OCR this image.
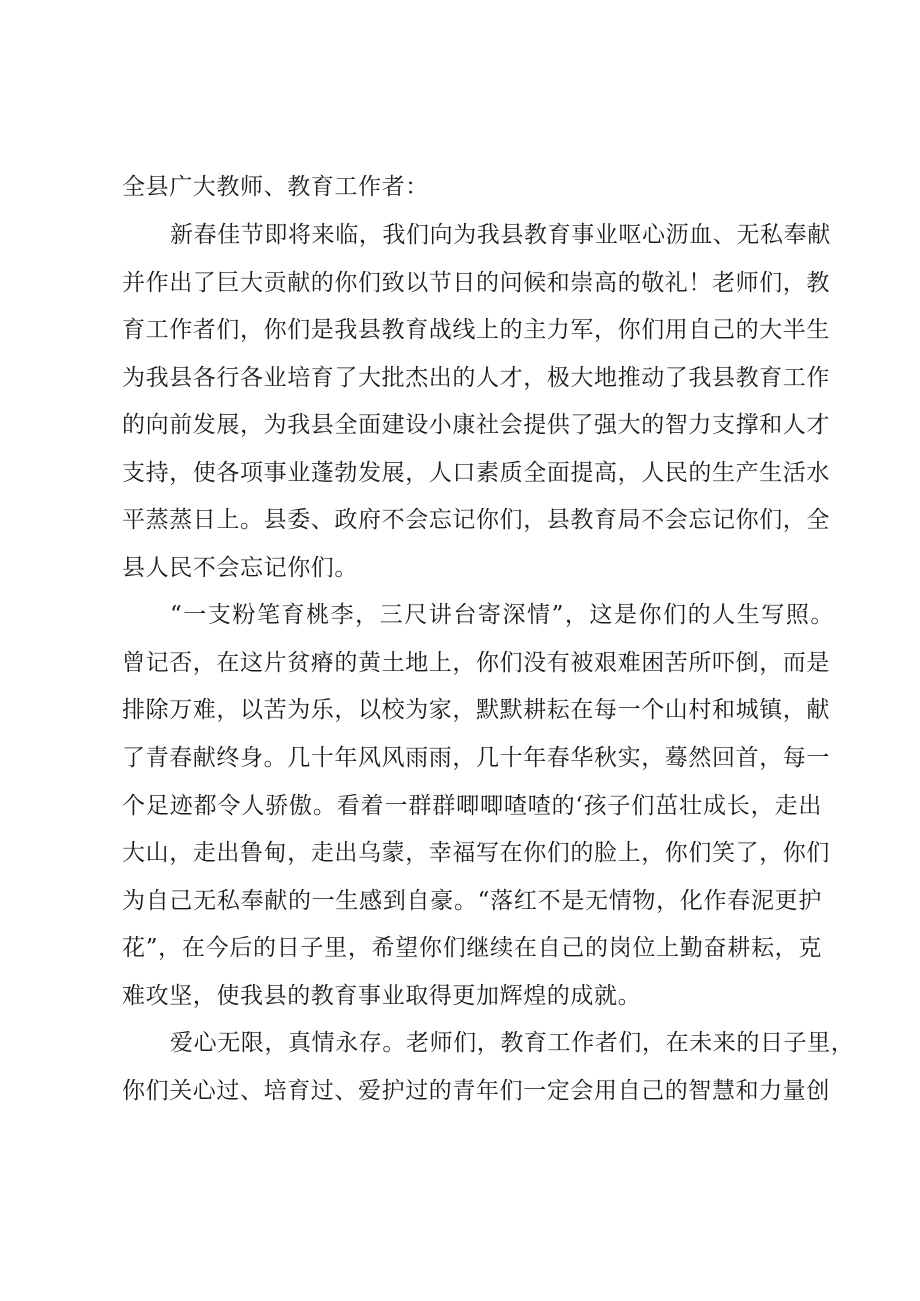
全县广大教师、教育工作者：
新春佳节即将来临，我们向为我县教育事业呕心沥血、无私奉献
并作出了巨大贡献的你们致以节日的问候和崇高的敬礼！老师们，教
育工作者们，你们是我县教育战线上的主力军，你们用自己的大半生
为我县各行各业培育了大批杰出的人才，极大地推动了我县教育工作
的向前发展，为我县全面建设小康社会提供了强大的智力支撑和人才
支持，使各项事业蓬勃发展，人口素质全面提高，人民的生产生活水
平蒸蒸日上。县委、政府不会忘记你们，县教育局不会忘记你们，全
县人民不会忘记你们。
“一支粉笔育桃李，三尺讲台寄深情”，这是你们的人生写照。
曾记否，在这片贫瘠的黄土地上，你们没有被艰难困苦所吓倒，而是
排除万难，以苦为乐，以校为家，默默耕耘在每一个山村和城镇，献
了青春献终身。几十年风风雨雨，几十年春华秋实，蓦然回首，每一
个足迹都令人骄傲。看着一群群唧唧喳喳的‘孩子们茁壮成长，走出
大山，走出鲁甸，走出乌蒙，幸福写在你们的脸上，你们笑了，你们
为自己无私奉献的一生感到自豪。“落红不是无情物，化作春泥更护
花”，在今后的日子里，希望你们继续在自己的岗位上勤奋耕耘，克
难攻坚，使我县的教育事业取得更加辉煌的成就。
爱心无限，真情永存。老师们，教育工作者们，在未来的日子里，
你们关心过、培育过、爱护过的青年们一定会用自己的智慧和力量创
